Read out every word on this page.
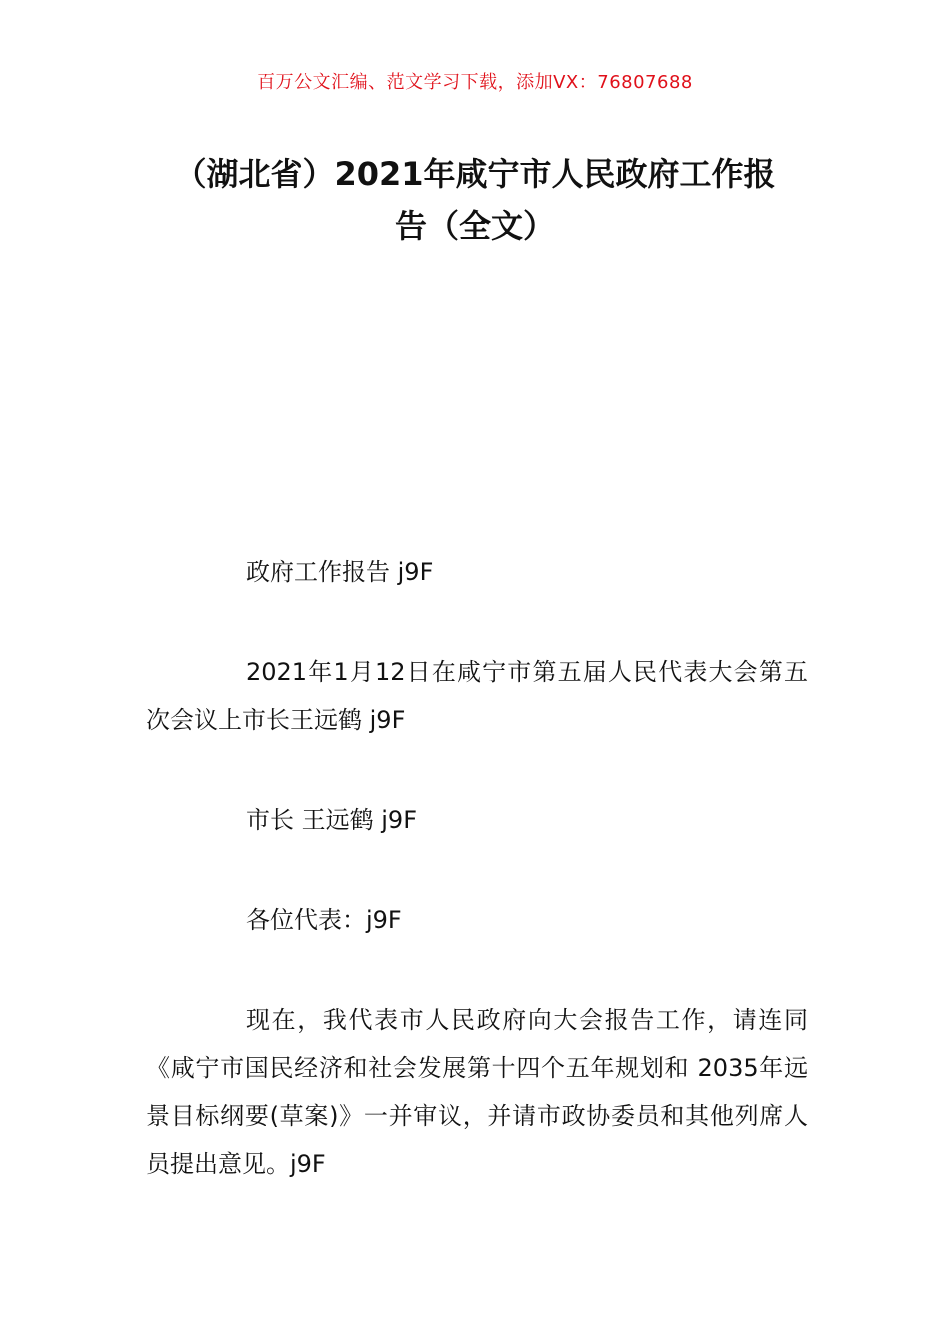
百万公文汇编、范文学习下载，添加VX：76807688
（湖北省）2021年咸宁市人民政府工作报
告（全文）

政府工作报告 j9F

2021年1月12日在咸宁市第五届人民代表大会第五次会议上市长王远鹤 j9F

市长 王远鹤 j9F

各位代表：j9F

现在，我代表市人民政府向大会报告工作，请连同《咸宁市国民经济和社会发展第十四个五年规划和 2035年远景目标纲要(草案)》一并审议，并请市政协委员和其他列席人员提出意见。j9F
